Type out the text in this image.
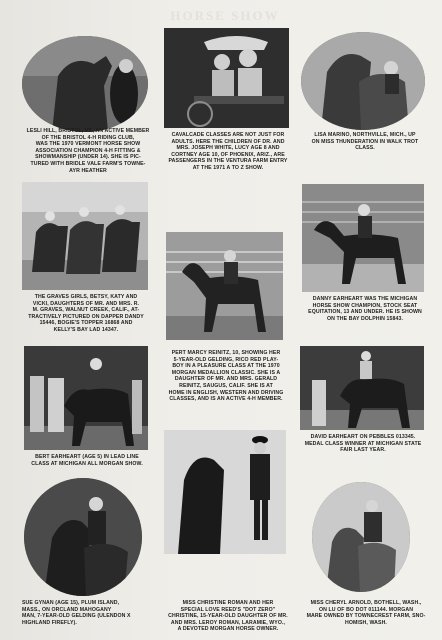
HORSE SHOW
LESLI HILL, BRISTOL, VT., AN ACTIVE MEMBER
OF THE BRISTOL 4-H RIDING CLUB,
WAS THE 1970 VERMONT HORSE SHOW
ASSOCIATION CHAMPION 4-H FITTING &
SHOWMANSHIP (UNDER 14). SHE IS PIC-
TURED WITH BRIDLE VALE FARM'S TOWNE-
AYR HEATHER
CAVALCADE CLASSES ARE NOT JUST FOR
ADULTS. HERE THE CHILDREN OF DR. AND
MRS. JOSEPH WHITE, LUCY AGE 8 AND
CORTNEY AGE 10, OF PHOENIX, ARIZ., ARE
PASSENGERS IN THE VENTURA FARM ENTRY
AT THE 1971 A TO Z SHOW.
LISA MARINO, NORTHVILLE, MICH., UP
ON MISS THUNDERATION IN WALK TROT
CLASS.
THE GRAVES GIRLS, BETSY, KATY AND
VICKI, DAUGHTERS OF MR. AND MRS. R.
M. GRAVES, WALNUT CREEK, CALIF., AT-
TRACTIVELY PICTURED ON DAPPER DANDY
15446, BOGIE'S TOPPER 16868 AND
KELLY'S BAY LAD 14347.
PERT MARCY REINITZ, 10, SHOWING HER
5-YEAR-OLD GELDING, RICO RED PLAY-
BOY IN A PLEASURE CLASS AT THE 1970
MORGAN MEDALLION CLASSIC. SHE IS A
DAUGHTER OF MR. AND MRS. GERALD
REINITZ, SAUGUS, CALIF. SHE IS AT
HOME IN ENGLISH, WESTERN AND DRIVING
CLASSES, AND IS AN ACTIVE 4-H MEMBER.
DANNY EARHEART WAS THE MICHIGAN
HORSE SHOW CHAMPION, STOCK SEAT
EQUITATION, 13 AND UNDER. HE IS SHOWN
ON THE BAY DOLPHIN 15843.
BERT EARHEART (AGE 5) IN LEAD LINE
CLASS AT MICHIGAN ALL MORGAN SHOW.
DAVID EARHEART ON PEBBLES 013345.
MEDAL CLASS WINNER AT MICHIGAN STATE
FAIR LAST YEAR.
SUE GYNAN (AGE 15), PLUM ISLAND,
MASS., ON ORCLAND MAHOGANY
MAN, 7-YEAR-OLD GELDING (ULENDON X
HIGHLAND FIREFLY).
MISS CHRISTINE ROMAN AND HER
SPECIAL LOVE REED'S "DOT ZERO"
CHRISTINE, 15-YEAR-OLD DAUGHTER OF MR.
AND MRS. LEROY ROMAN, LARAMIE, WYO.,
A DEVOTED MORGAN HORSE OWNER.
MISS CHERYL ARNOLD, BOTHELL, WASH.,
ON LU OF BO DOT 011144. MORGAN
MARE OWNED BY TOWNECREST FARM, SNO-
HOMISH, WASH.
